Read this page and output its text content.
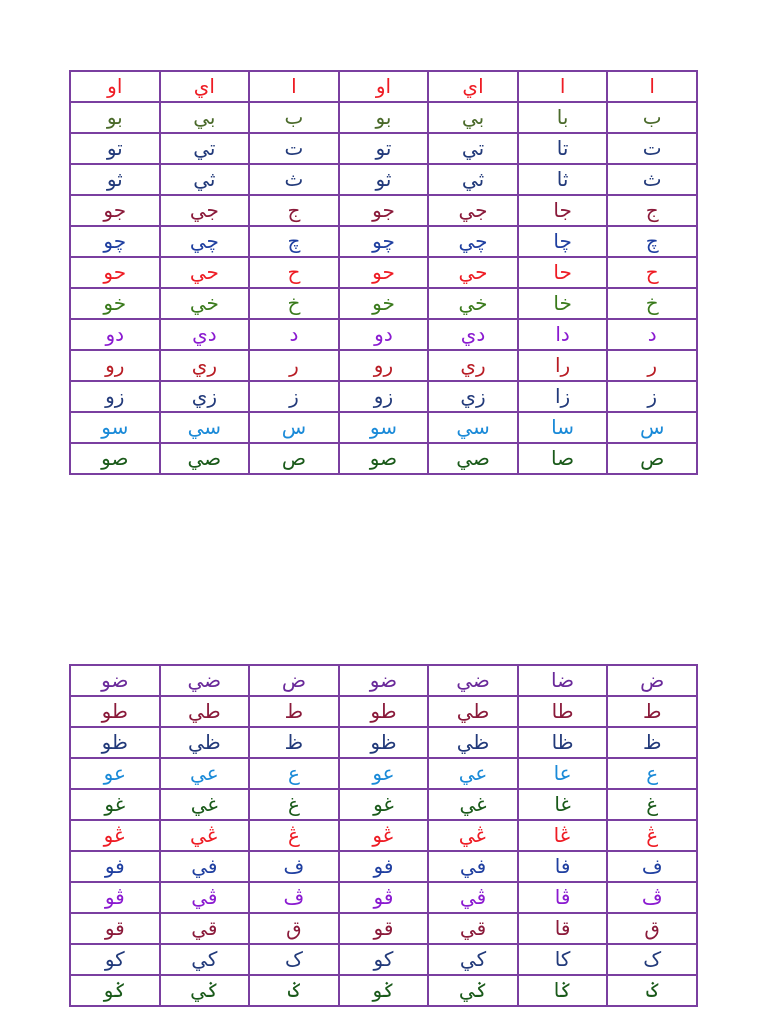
او	اي	ا	او	اي	ا	ا
بو	بي	ب	بو	بي	با	ب
تو	تي	ت	تو	تي	تا	ت
ثو	ثي	ث	ثو	ثي	ثا	ث
جو	جي	ج	جو	جي	جا	ج
چو	چي	چ	چو	چي	چا	چ
حو	حي	ح	حو	حي	حا	ح
خو	خي	خ	خو	خي	خا	خ
دو	دي	د	دو	دي	دا	د
رو	ري	ر	رو	ري	را	ر
زو	زي	ز	زو	زي	زا	ز
سو	سي	س	سو	سي	سا	س
صو	صي	ص	صو	صي	صا	ص
ضو	ضي	ض	ضو	ضي	ضا	ض
طو	طي	ط	طو	طي	طا	ط
ظو	ظي	ظ	ظو	ظي	ظا	ظ
عو	عي	ع	عو	عي	عا	ع
غو	غي	غ	غو	غي	غا	غ
ڠو	ڠي	ڠ	ڠو	ڠي	ڠا	ڠ
فو	في	ف	فو	في	فا	ف
ڤو	ڤي	ڤ	ڤو	ڤي	ڤا	ڤ
قو	قي	ق	قو	قي	قا	ق
کو	کي	ک	کو	کي	کا	ک
ݢو	ݢي	ݢ	ݢو	ݢي	ݢا	ݢ
